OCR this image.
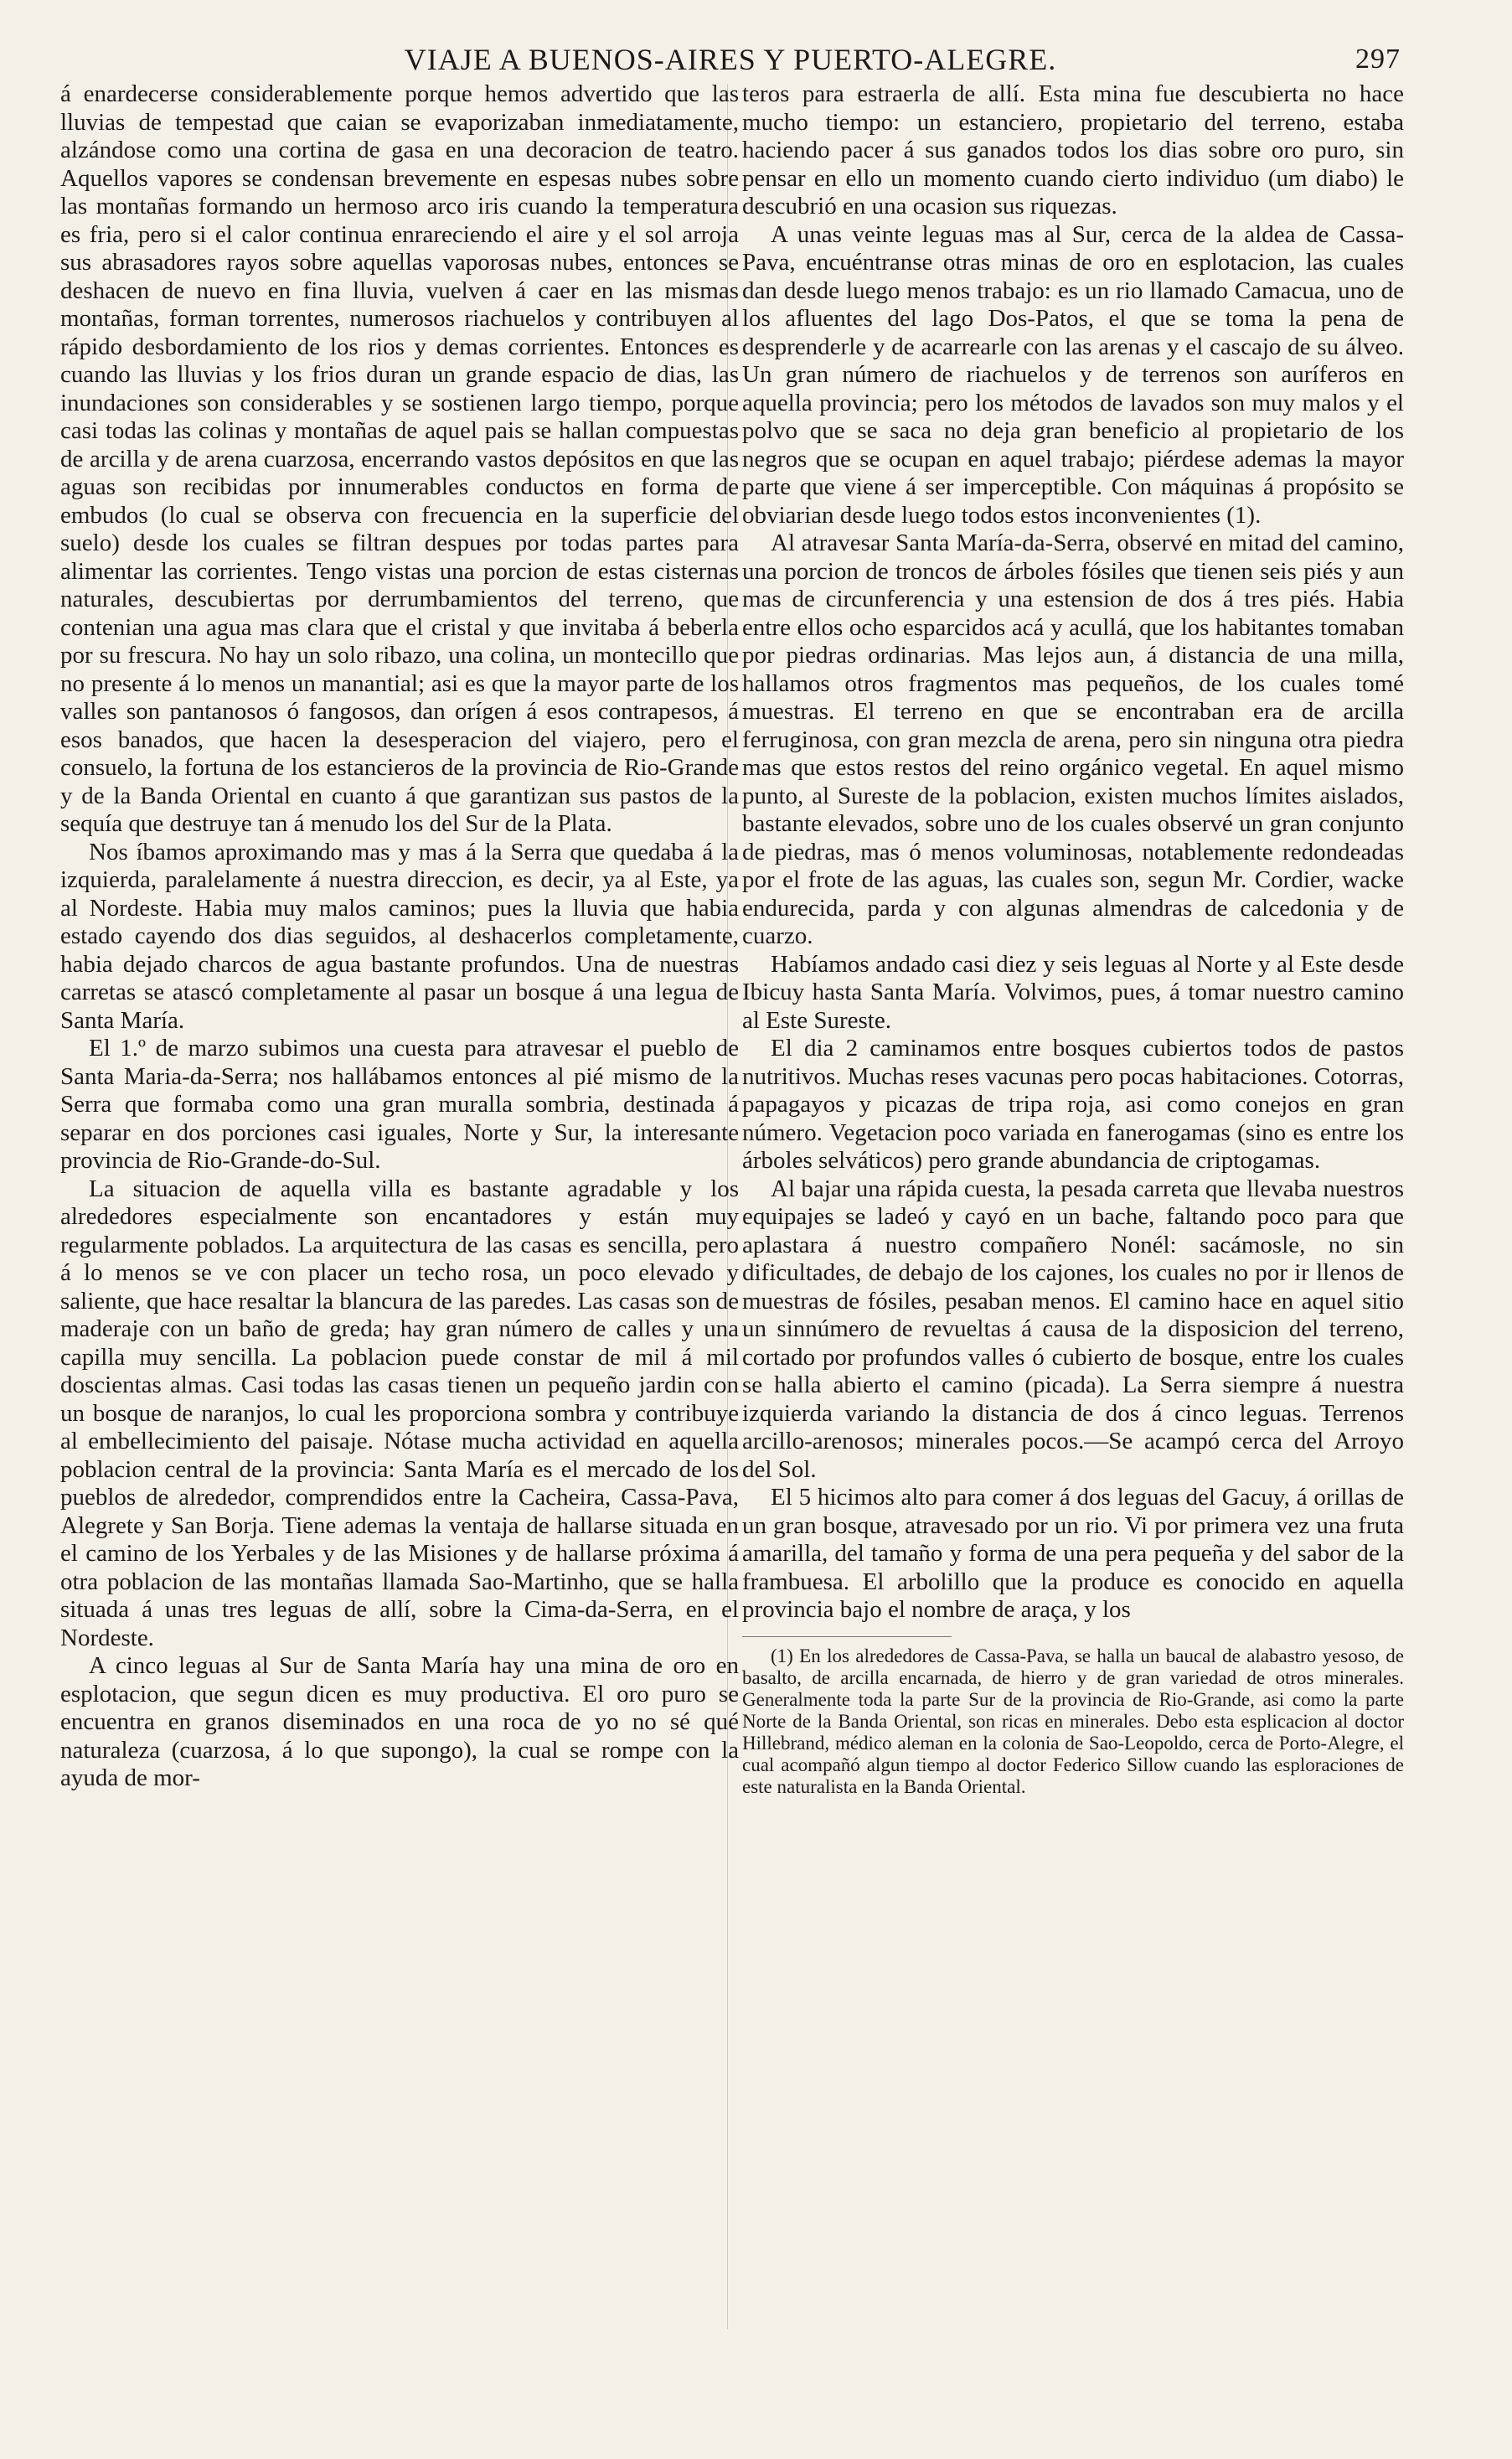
VIAJE A BUENOS-AIRES Y PUERTO-ALEGRE.	297

á enardecerse considerablemente porque hemos advertido que las lluvias de tempestad que caian se evaporizaban inmediatamente, alzándose como una cortina de gasa en una decoracion de teatro. Aquellos vapores se condensan brevemente en espesas nubes sobre las montañas formando un hermoso arco iris cuando la temperatura es fria, pero si el calor continua enrareciendo el aire y el sol arroja sus abrasadores rayos sobre aquellas vaporosas nubes, entonces se deshacen de nuevo en fina lluvia, vuelven á caer en las mismas montañas, forman torrentes, numerosos riachuelos y contribuyen al rápido desbordamiento de los rios y demas corrientes. Entonces es cuando las lluvias y los frios duran un grande espacio de dias, las inundaciones son considerables y se sostienen largo tiempo, porque casi todas las colinas y montañas de aquel pais se hallan compuestas de arcilla y de arena cuarzosa, encerrando vastos depósitos en que las aguas son recibidas por innumerables conductos en forma de embudos (lo cual se observa con frecuencia en la superficie del suelo) desde los cuales se filtran despues por todas partes para alimentar las corrientes. Tengo vistas una porcion de estas cisternas naturales, descubiertas por derrumbamientos del terreno, que contenian una agua mas clara que el cristal y que invitaba á beberla por su frescura. No hay un solo ribazo, una colina, un montecillo que no presente á lo menos un manantial; asi es que la mayor parte de los valles son pantanosos ó fangosos, dan orígen á esos contrapesos, á esos banados, que hacen la desesperacion del viajero, pero el consuelo, la fortuna de los estancieros de la provincia de Rio-Grande y de la Banda Oriental en cuanto á que garantizan sus pastos de la sequía que destruye tan á menudo los del Sur de la Plata.

Nos íbamos aproximando mas y mas á la Serra que quedaba á la izquierda, paralelamente á nuestra direccion, es decir, ya al Este, ya al Nordeste. Habia muy malos caminos; pues la lluvia que habia estado cayendo dos dias seguidos, al deshacerlos completamente, habia dejado charcos de agua bastante profundos. Una de nuestras carretas se atascó completamente al pasar un bosque á una legua de Santa María.

El 1.º de marzo subimos una cuesta para atravesar el pueblo de Santa Maria-da-Serra; nos hallábamos entonces al pié mismo de la Serra que formaba como una gran muralla sombria, destinada á separar en dos porciones casi iguales, Norte y Sur, la interesante provincia de Rio-Grande-do-Sul.

La situacion de aquella villa es bastante agradable y los alrededores especialmente son encantadores y están muy regularmente poblados. La arquitectura de las casas es sencilla, pero á lo menos se ve con placer un techo rosa, un poco elevado y saliente, que hace resaltar la blancura de las paredes. Las casas son de maderaje con un baño de greda; hay gran número de calles y una capilla muy sencilla. La poblacion puede constar de mil á mil doscientas almas. Casi todas las casas tienen un pequeño jardin con un bosque de naranjos, lo cual les proporciona sombra y contribuye al embellecimiento del paisaje. Nótase mucha actividad en aquella poblacion central de la provincia: Santa María es el mercado de los pueblos de alrededor, comprendidos entre la Cacheira, Cassa-Pava, Alegrete y San Borja. Tiene ademas la ventaja de hallarse situada en el camino de los Yerbales y de las Misiones y de hallarse próxima á otra poblacion de las montañas llamada Sao-Martinho, que se halla situada á unas tres leguas de allí, sobre la Cima-da-Serra, en el Nordeste.

A cinco leguas al Sur de Santa María hay una mina de oro en esplotacion, que segun dicen es muy productiva. El oro puro se encuentra en granos diseminados en una roca de yo no sé qué naturaleza (cuarzosa, á lo que supongo), la cual se rompe con la ayuda de mor-

teros para estraerla de allí. Esta mina fue descubierta no hace mucho tiempo: un estanciero, propietario del terreno, estaba haciendo pacer á sus ganados todos los dias sobre oro puro, sin pensar en ello un momento cuando cierto individuo (um diabo) le descubrió en una ocasion sus riquezas.

A unas veinte leguas mas al Sur, cerca de la aldea de Cassa-Pava, encuéntranse otras minas de oro en esplotacion, las cuales dan desde luego menos trabajo: es un rio llamado Camacua, uno de los afluentes del lago Dos-Patos, el que se toma la pena de desprenderle y de acarrearle con las arenas y el cascajo de su álveo. Un gran número de riachuelos y de terrenos son auríferos en aquella provincia; pero los métodos de lavados son muy malos y el polvo que se saca no deja gran beneficio al propietario de los negros que se ocupan en aquel trabajo; piérdese ademas la mayor parte que viene á ser imperceptible. Con máquinas á propósito se obviarian desde luego todos estos inconvenientes (1).

Al atravesar Santa María-da-Serra, observé en mitad del camino, una porcion de troncos de árboles fósiles que tienen seis piés y aun mas de circunferencia y una estension de dos á tres piés. Habia entre ellos ocho esparcidos acá y acullá, que los habitantes tomaban por piedras ordinarias. Mas lejos aun, á distancia de una milla, hallamos otros fragmentos mas pequeños, de los cuales tomé muestras. El terreno en que se encontraban era de arcilla ferruginosa, con gran mezcla de arena, pero sin ninguna otra piedra mas que estos restos del reino orgánico vegetal. En aquel mismo punto, al Sureste de la poblacion, existen muchos límites aislados, bastante elevados, sobre uno de los cuales observé un gran conjunto de piedras, mas ó menos voluminosas, notablemente redondeadas por el frote de las aguas, las cuales son, segun Mr. Cordier, wacke endurecida, parda y con algunas almendras de calcedonia y de cuarzo.

Habíamos andado casi diez y seis leguas al Norte y al Este desde Ibicuy hasta Santa María. Volvimos, pues, á tomar nuestro camino al Este Sureste.

El dia 2 caminamos entre bosques cubiertos todos de pastos nutritivos. Muchas reses vacunas pero pocas habitaciones. Cotorras, papagayos y picazas de tripa roja, asi como conejos en gran número. Vegetacion poco variada en fanerogamas (sino es entre los árboles selváticos) pero grande abundancia de criptogamas.

Al bajar una rápida cuesta, la pesada carreta que llevaba nuestros equipajes se ladeó y cayó en un bache, faltando poco para que aplastara á nuestro compañero Nonél: sacámosle, no sin dificultades, de debajo de los cajones, los cuales no por ir llenos de muestras de fósiles, pesaban menos. El camino hace en aquel sitio un sinnúmero de revueltas á causa de la disposicion del terreno, cortado por profundos valles ó cubierto de bosque, entre los cuales se halla abierto el camino (picada). La Serra siempre á nuestra izquierda variando la distancia de dos á cinco leguas. Terrenos arcillo-arenosos; minerales pocos.—Se acampó cerca del Arroyo del Sol.

El 5 hicimos alto para comer á dos leguas del Gacuy, á orillas de un gran bosque, atravesado por un rio. Vi por primera vez una fruta amarilla, del tamaño y forma de una pera pequeña y del sabor de la frambuesa. El arbolillo que la produce es conocido en aquella provincia bajo el nombre de araça, y los

(1) En los alrededores de Cassa-Pava, se halla un baucal de alabastro yesoso, de basalto, de arcilla encarnada, de hierro y de gran variedad de otros minerales. Generalmente toda la parte Sur de la provincia de Rio-Grande, asi como la parte Norte de la Banda Oriental, son ricas en minerales. Debo esta esplicacion al doctor Hillebrand, médico aleman en la colonia de Sao-Leopoldo, cerca de Porto-Alegre, el cual acompañó algun tiempo al doctor Federico Sillow cuando las esploraciones de este naturalista en la Banda Oriental.
